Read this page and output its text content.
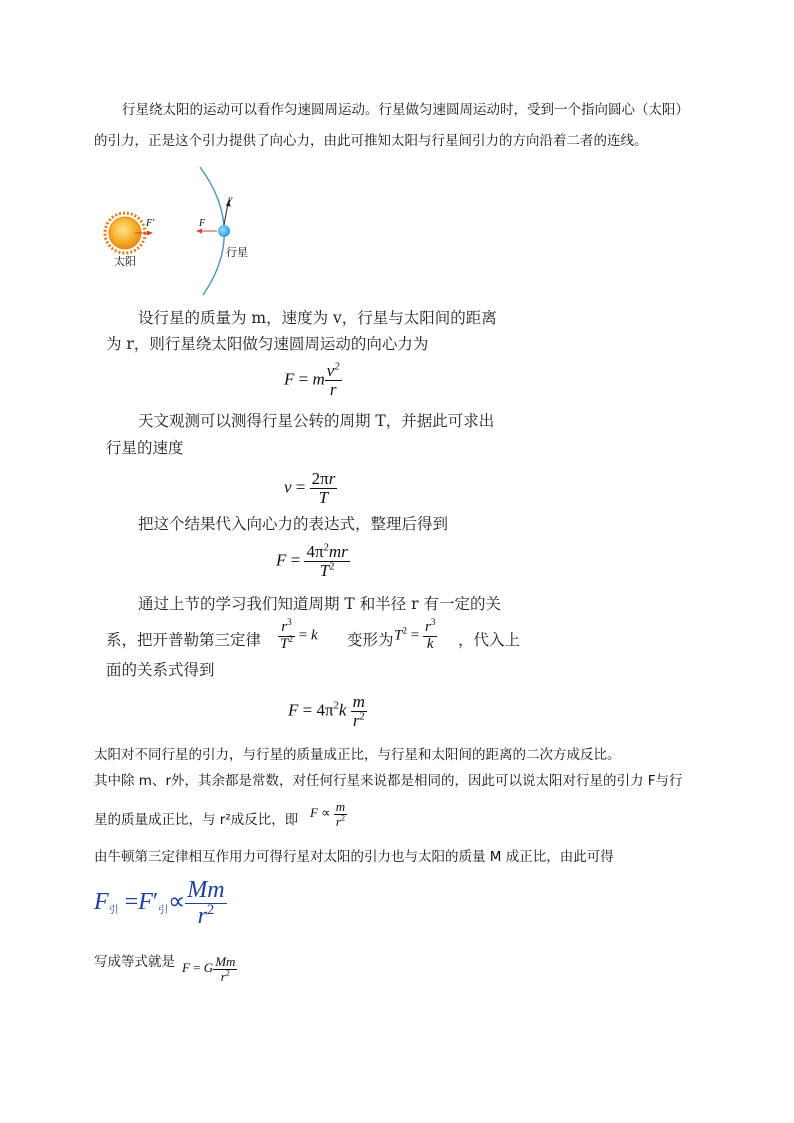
行星绕太阳的运动可以看作匀速圆周运动。行星做匀速圆周运动时，受到一个指向圆心（太阳）
的引力，正是这个引力提供了向心力，由此可推知太阳与行星间引力的方向沿着二者的连线。
太阳
行星
F′	F
v
设行星的质量为 m，速度为 v，行星与太阳间的距离
为 r，则行星绕太阳做匀速圆周运动的向心力为
F = m $\frac{v^2}{r}$
天文观测可以测得行星公转的周期 T，并据此可求出
行星的速度
$v = \frac{2\pi r}{T}$
把这个结果代入向心力的表达式，整理后得到
$F = \frac{4\pi^2mr}{T^2}$
通过上节的学习我们知道周期 T 和半径 r 有一定的关
系，把开普勒第三定律 $\frac{r^3}{T^2} = k$ 变形为 $T^2 = \frac{r^3}{k}$ ，代入上
面的关系式得到
$F = 4\pi^2k \frac{m}{r^2}$
太阳对不同行星的引力，与行星的质量成正比，与行星和太阳间的距离的二次方成反比。
其中除 m、r外，其余都是常数，对任何行星来说都是相同的，因此可以说太阳对行星的引力 F与行
星的质量成正比，与 r²成反比，即 $F \propto \frac{m}{r^2}$
由牛顿第三定律相互作用力可得行星对太阳的引力也与太阳的质量 M 成正比，由此可得
F引 =F′引∝ $\frac{Mm}{r^2}$
写成等式就是 F = G $\frac{Mm}{r^2}$
